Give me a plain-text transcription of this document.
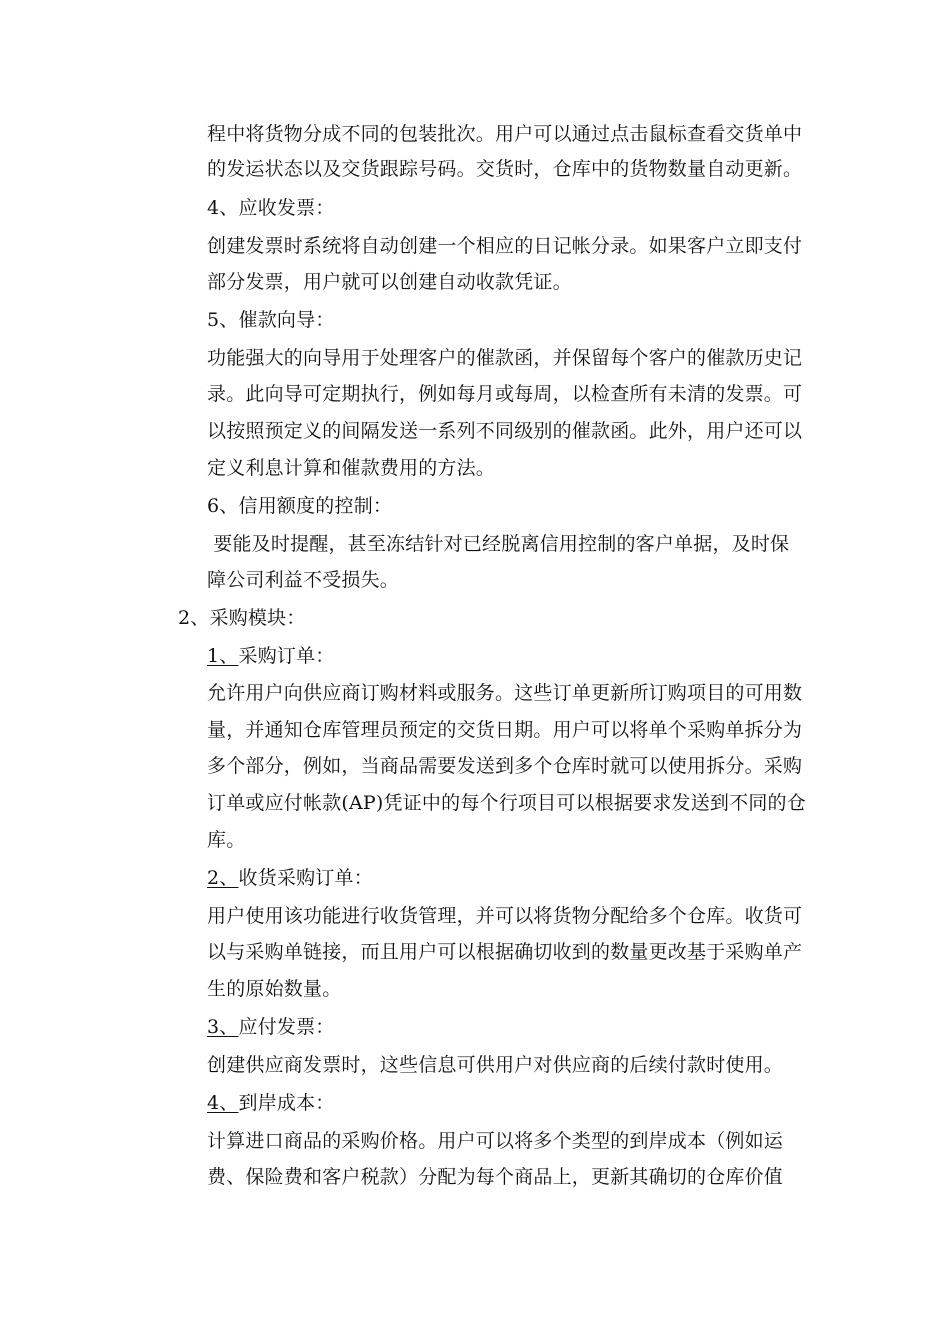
程中将货物分成不同的包装批次。用户可以通过点击鼠标查看交货单中
的发运状态以及交货跟踪号码。交货时，仓库中的货物数量自动更新。
4、应收发票：
创建发票时系统将自动创建一个相应的日记帐分录。如果客户立即支付
部分发票，用户就可以创建自动收款凭证。
5、催款向导：
功能强大的向导用于处理客户的催款函，并保留每个客户的催款历史记
录。此向导可定期执行，例如每月或每周，以检查所有未清的发票。可
以按照预定义的间隔发送一系列不同级别的催款函。此外，用户还可以
定义利息计算和催款费用的方法。
6、信用额度的控制：
要能及时提醒，甚至冻结针对已经脱离信用控制的客户单据，及时保
障公司利益不受损失。
2、采购模块：
1、采购订单：
允许用户向供应商订购材料或服务。这些订单更新所订购项目的可用数
量，并通知仓库管理员预定的交货日期。用户可以将单个采购单拆分为
多个部分，例如，当商品需要发送到多个仓库时就可以使用拆分。采购
订单或应付帐款(AP)凭证中的每个行项目可以根据要求发送到不同的仓
库。
2、收货采购订单：
用户使用该功能进行收货管理，并可以将货物分配给多个仓库。收货可
以与采购单链接，而且用户可以根据确切收到的数量更改基于采购单产
生的原始数量。
3、应付发票：
创建供应商发票时，这些信息可供用户对供应商的后续付款时使用。
4、到岸成本：
计算进口商品的采购价格。用户可以将多个类型的到岸成本（例如运
费、保险费和客户税款）分配为每个商品上，更新其确切的仓库价值
